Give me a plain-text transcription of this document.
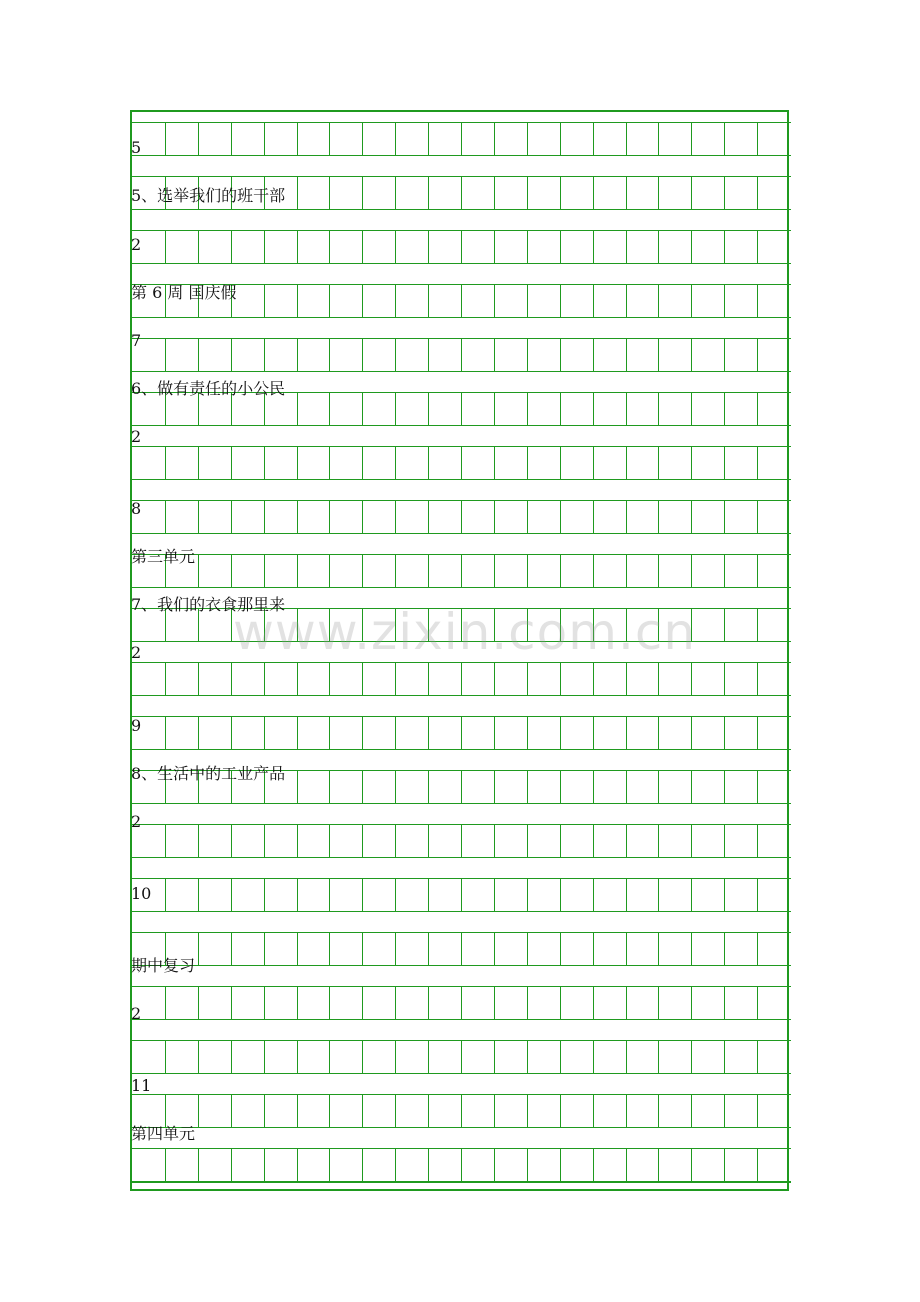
5
5、选举我们的班干部
2
第 6 周 国庆假
7
6、做有责任的小公民
2
8
第三单元
7、我们的衣食那里来
2
9
8、生活中的工业产品
2
10
期中复习
2
11
第四单元
www.zixin.com.cn
